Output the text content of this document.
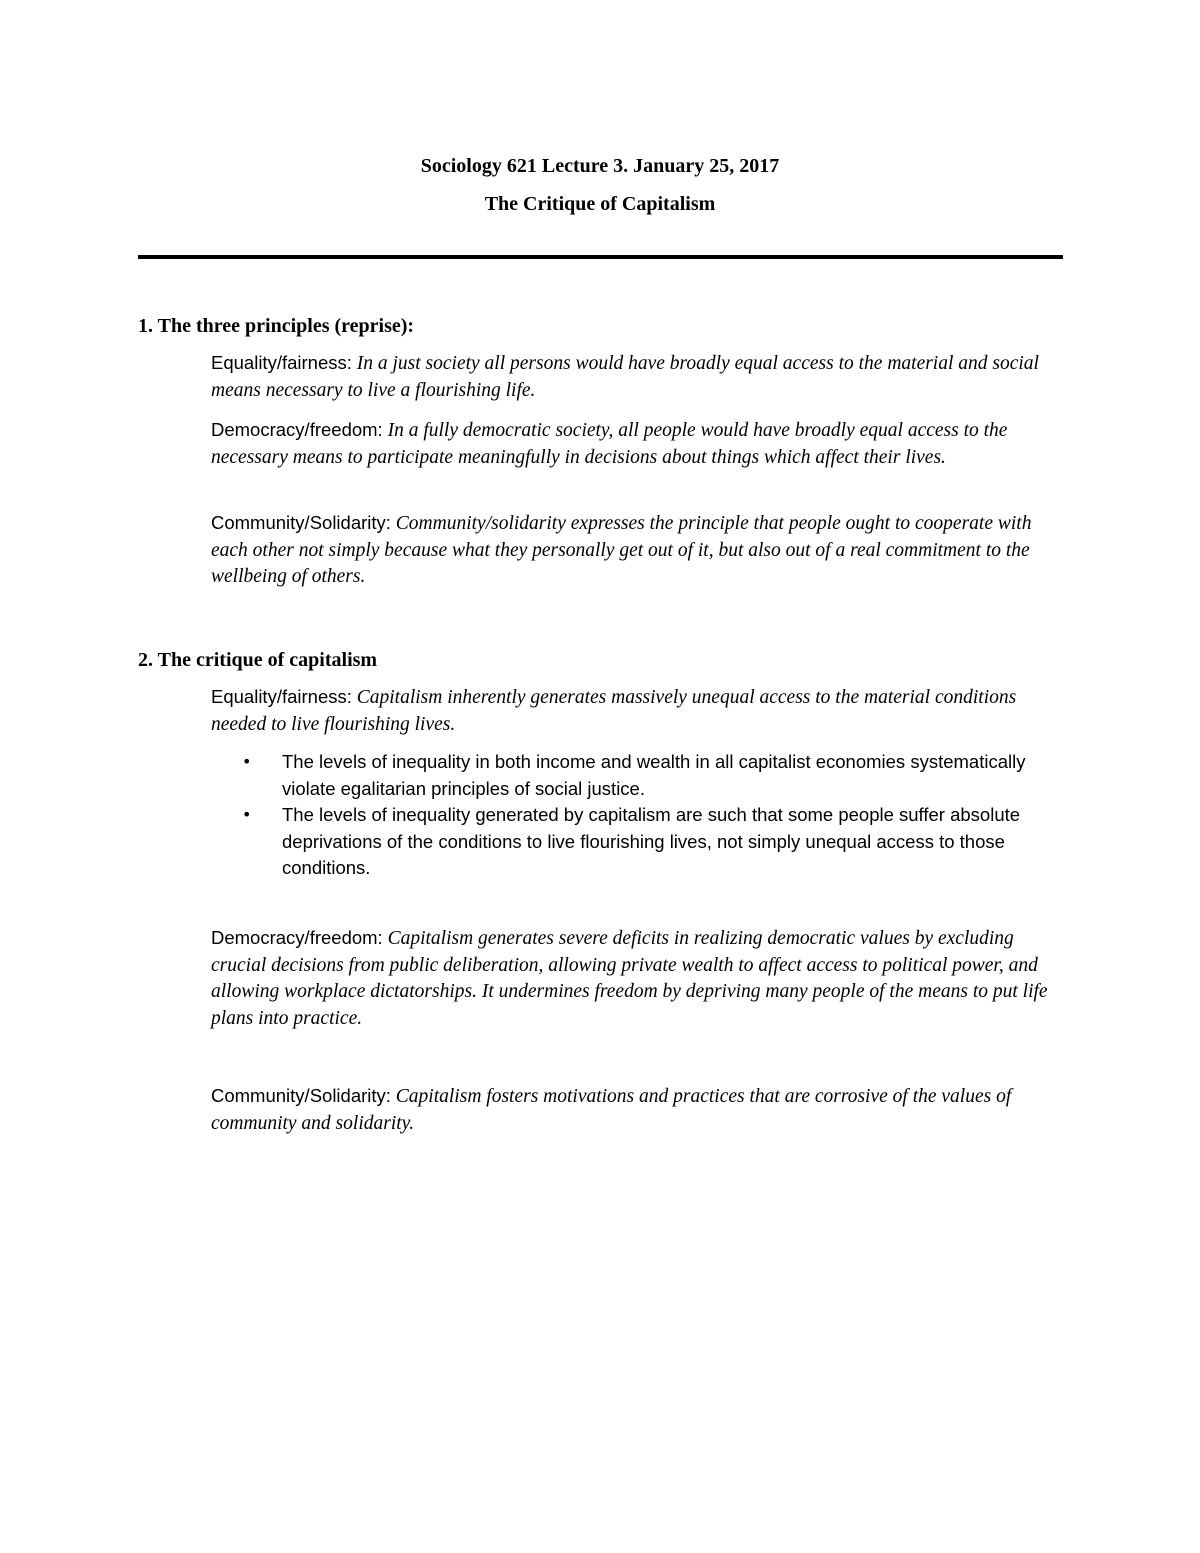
Sociology 621 Lecture 3. January 25, 2017
The Critique of Capitalism
1. The three principles (reprise):
Equality/fairness: In a just society all persons would have broadly equal access to the material and social means necessary to live a flourishing life.
Democracy/freedom: In a fully democratic society, all people would have broadly equal access to the necessary means to participate meaningfully in decisions about things which affect their lives.
Community/Solidarity: Community/solidarity expresses the principle that people ought to cooperate with each other not simply because what they personally get out of it, but also out of a real commitment to the wellbeing of others.
2. The critique of capitalism
Equality/fairness: Capitalism inherently generates massively unequal access to the material conditions needed to live flourishing lives.
• The levels of inequality in both income and wealth in all capitalist economies systematically violate egalitarian principles of social justice.
• The levels of inequality generated by capitalism are such that some people suffer absolute deprivations of the conditions to live flourishing lives, not simply unequal access to those conditions.
Democracy/freedom: Capitalism generates severe deficits in realizing democratic values by excluding crucial decisions from public deliberation, allowing private wealth to affect access to political power, and allowing workplace dictatorships. It undermines freedom by depriving many people of the means to put life plans into practice.
Community/Solidarity: Capitalism fosters motivations and practices that are corrosive of the values of community and solidarity.
